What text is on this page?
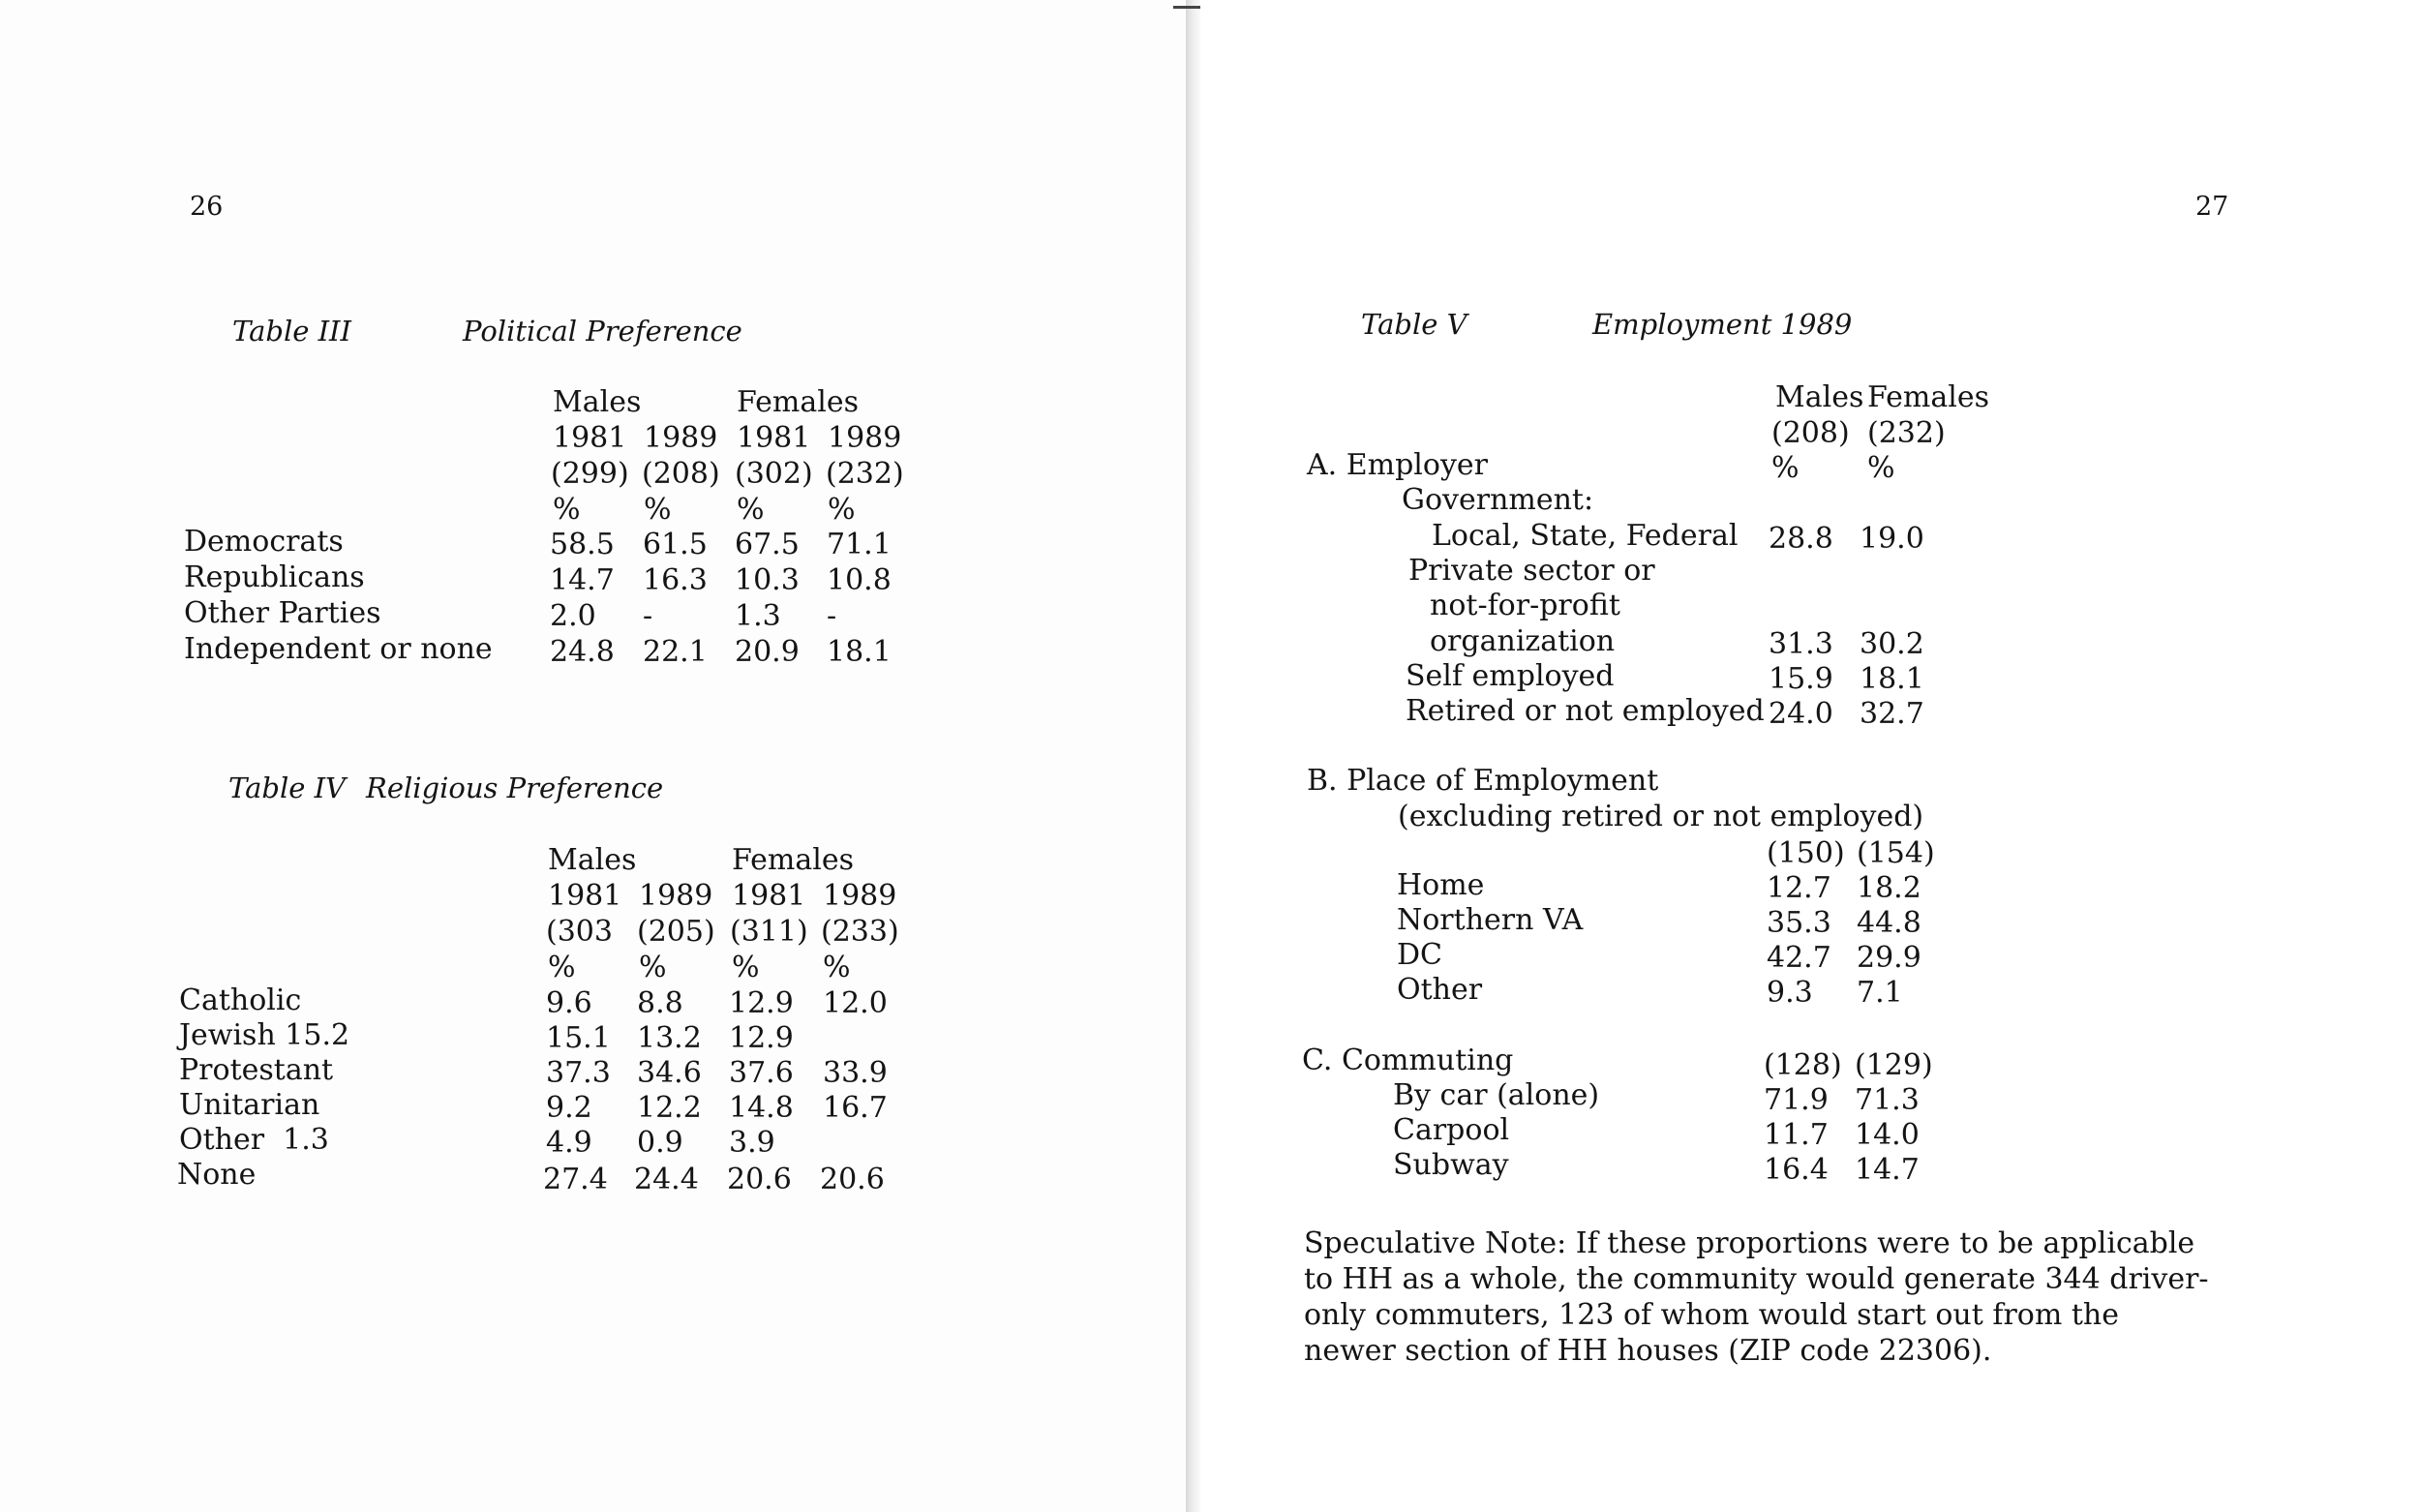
26
Table III	Political Preference
Males	Females
1981 1989 1981 1989
(299) (208) (302) (232)
% % % %
Democrats	58.5 61.5 67.5 71.1
Republicans	14.7 16.3 10.3 10.8
Other Parties	2.0 -	1.3 -
Independent or none 24.8 22.1 20.9 18.1
Table IV Religious Preference
Males	Females
1981 1989 1981 1989
(303 (205) (311) (233)
% % % %
Catholic	9.6 8.8 12.9 12.0
Jewish 15.2	15.1 13.2 12.9
Protestant	37.3 34.6 37.6 33.9
Unitarian	9.2 12.2 14.8 16.7
Other  1.3	4.9 0.9 3.9
None	27.4 24.4 20.6 20.6
27
Table V	Employment 1989
Males Females
(208) (232)
% %
A. Employer
Government:
Local, State, Federal 28.8 19.0
Private sector or
not-for-profit
organization	31.3 30.2
Self employed	15.9 18.1
Retired or not employed 24.0 32.7
B. Place of Employment
(excluding retired or not employed)
(150) (154)
Home	12.7 18.2
Northern VA	35.3 44.8
DC	42.7 29.9
Other	9.3 7.1
C. Commuting	(128) (129)
By car (alone)	71.9 71.3
Carpool	11.7 14.0
Subway	16.4 14.7
Speculative Note: If these proportions were to be applicable to HH as a whole, the community would generate 344 driver-only commuters, 123 of whom would start out from the newer section of HH houses (ZIP code 22306).
